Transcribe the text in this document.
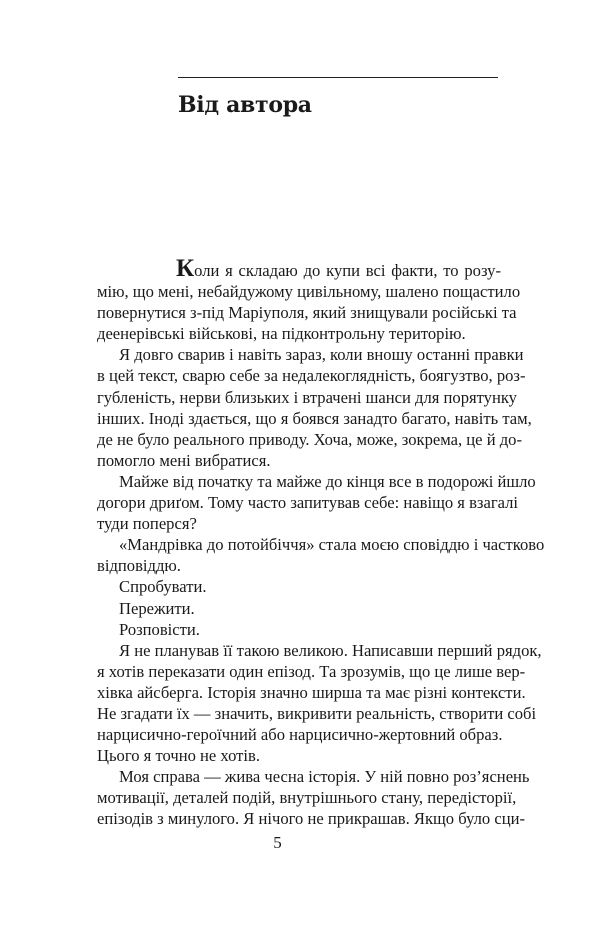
Від автора
Коли я складаю до купи всі факти, то розу-
мію, що мені, небайдужому цивільному, шалено пощастило
повернутися з-під Маріуполя, який знищували російські та
деенерівські військові, на підконтрольну територію.
Я довго сварив і навіть зараз, коли вношу останні правки
в цей текст, сварю себе за недалекоглядність, боягузтво, роз-
губленість, нерви близьких і втрачені шанси для порятунку
інших. Іноді здається, що я боявся занадто багато, навіть там,
де не було реального приводу. Хоча, може, зокрема, це й до-
помогло мені вибратися.
Майже від початку та майже до кінця все в подорожі йшло
догори дриґом. Тому часто запитував себе: навіщо я взагалі
туди поперся?
«Мандрівка до потойбіччя» стала моєю сповіддю і частково
відповіддю.
Спробувати.
Пережити.
Розповісти.
Я не планував її такою великою. Написавши перший рядок,
я хотів переказати один епізод. Та зрозумів, що це лише вер-
хівка айсберга. Історія значно ширша та має різні контексти.
Не згадати їх — значить, викривити реальність, створити собі
нарцисично-героїчний або нарцисично-жертовний образ.
Цього я точно не хотів.
Моя справа — жива чесна історія. У ній повно роз’яснень
мотивації, деталей подій, внутрішнього стану, передісторії,
епізодів з минулого. Я нічого не прикрашав. Якщо було сци-
5
